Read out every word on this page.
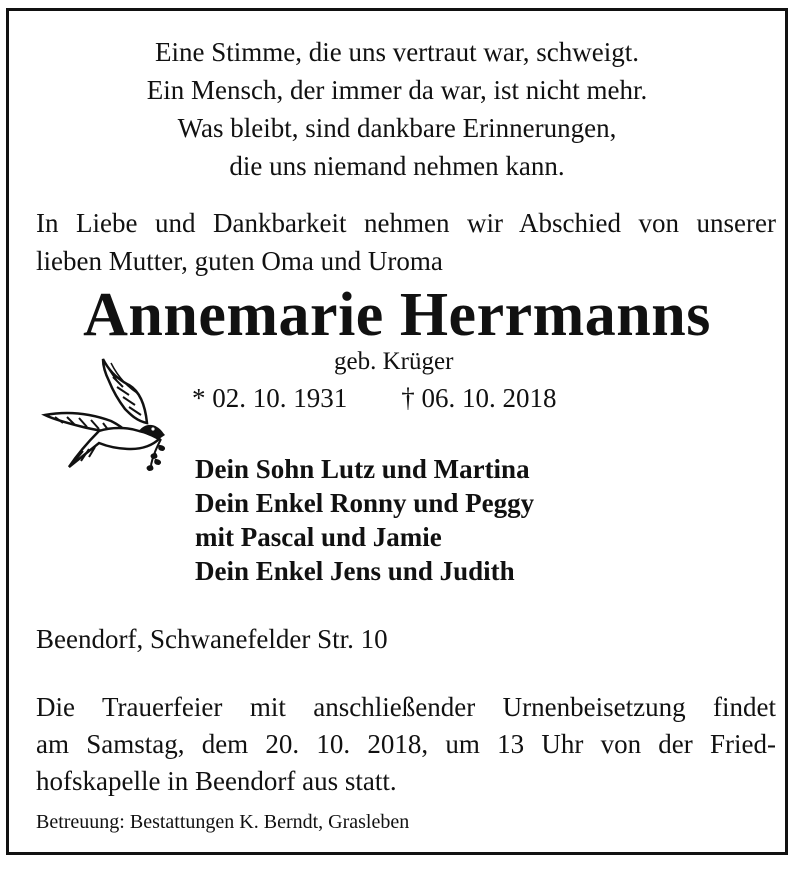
Eine Stimme, die uns vertraut war, schweigt.
Ein Mensch, der immer da war, ist nicht mehr.
Was bleibt, sind dankbare Erinnerungen,
die uns niemand nehmen kann.
In Liebe und Dankbarkeit nehmen wir Abschied von unserer
lieben Mutter, guten Oma und Uroma
Annemarie Herrmanns
geb. Krüger
* 02. 10. 1931 † 06. 10. 2018
Dein Sohn Lutz und Martina
Dein Enkel Ronny und Peggy
mit Pascal und Jamie
Dein Enkel Jens und Judith
Beendorf, Schwanefelder Str. 10
Die Trauerfeier mit anschließender Urnenbeisetzung findet
am Samstag, dem 20. 10. 2018, um 13 Uhr von der Fried-
hofskapelle in Beendorf aus statt.
Betreuung: Bestattungen K. Berndt, Grasleben
